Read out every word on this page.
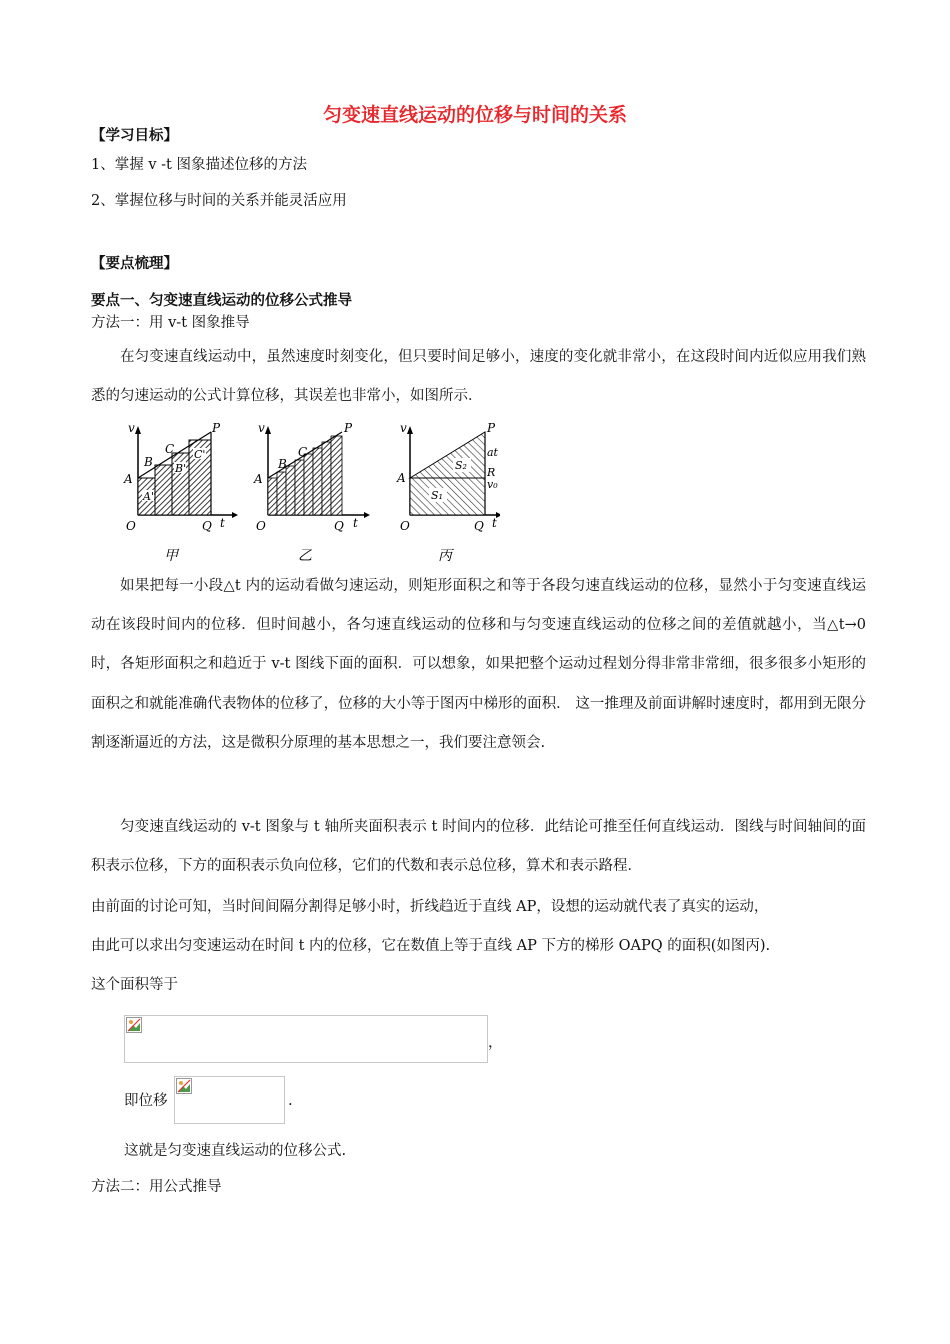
匀变速直线运动的位移与时间的关系
【学习目标】
1、掌握 v -t 图象描述位移的方法
2、掌握位移与时间的关系并能灵活应用
【要点梳理】
要点一、匀变速直线运动的位移公式推导
方法一：用 v-t 图象推导
在匀变速直线运动中，虽然速度时刻变化，但只要时间足够小，速度的变化就非常小，在这段时间内近似应用我们熟悉的匀速运动的公式计算位移，其误差也非常小，如图所示．
v
A
B
C
P
A'
B'
C'
O	Q t
甲
v
A
B
C
P
O	Q t
乙
v
A
P
at
R
v₀
S₂
S₁
O	Q t
丙
如果把每一小段△t 内的运动看做匀速运动，则矩形面积之和等于各段匀速直线运动的位移，显然小于匀变速直线运动在该段时间内的位移．但时间越小，各匀速直线运动的位移和与匀变速直线运动的位移之间的差值就越小，当△t→0 时，各矩形面积之和趋近于 v-t 图线下面的面积．可以想象，如果把整个运动过程划分得非常非常细，很多很多小矩形的面积之和就能准确代表物体的位移了，位移的大小等于图丙中梯形的面积． 这一推理及前面讲解时速度时，都用到无限分割逐渐逼近的方法，这是微积分原理的基本思想之一，我们要注意领会.
匀变速直线运动的 v-t 图象与 t 轴所夹面积表示 t 时间内的位移．此结论可推至任何直线运动．图线与时间轴间的面积表示位移，下方的面积表示负向位移，它们的代数和表示总位移，算术和表示路程．
由前面的讨论可知，当时间间隔分割得足够小时，折线趋近于直线 AP，设想的运动就代表了真实的运动，
由此可以求出匀变速运动在时间 t 内的位移，它在数值上等于直线 AP 下方的梯形 OAPQ 的面积(如图丙).
这个面积等于
，
即位移	.
这就是匀变速直线运动的位移公式.
方法二：用公式推导
